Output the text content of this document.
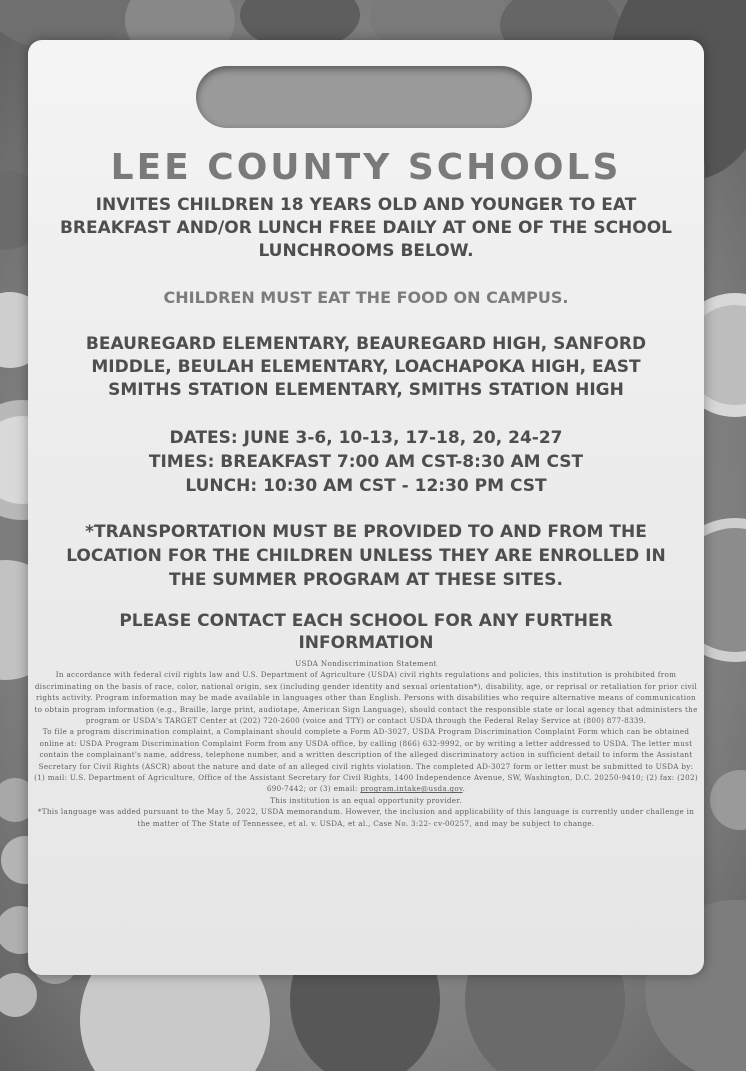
LEE COUNTY SCHOOLS
INVITES CHILDREN 18 YEARS OLD AND YOUNGER TO EAT
BREAKFAST AND/OR LUNCH FREE DAILY AT ONE OF THE SCHOOL
LUNCHROOMS BELOW.
CHILDREN MUST EAT THE FOOD ON CAMPUS.
BEAUREGARD ELEMENTARY, BEAUREGARD HIGH, SANFORD
MIDDLE, BEULAH ELEMENTARY, LOACHAPOKA HIGH, EAST
SMITHS STATION ELEMENTARY, SMITHS STATION HIGH
DATES: JUNE 3-6, 10-13, 17-18, 20, 24-27
TIMES: BREAKFAST 7:00 AM CST-8:30 AM CST
LUNCH: 10:30 AM CST - 12:30 PM CST
*TRANSPORTATION MUST BE PROVIDED TO AND FROM THE
LOCATION FOR THE CHILDREN UNLESS THEY ARE ENROLLED IN
THE SUMMER PROGRAM AT THESE SITES.
PLEASE CONTACT EACH SCHOOL FOR ANY FURTHER
INFORMATION

USDA Nondiscrimination Statement

In accordance with federal civil rights law and U.S. Department of Agriculture (USDA) civil rights regulations and policies, this institution is prohibited from discriminating on the basis of race, color, national origin, sex (including gender identity and sexual orientation*), disability, age, or reprisal or retaliation for prior civil rights activity. Program information may be made available in languages other than English. Persons with disabilities who require alternative means of communication to obtain program information (e.g., Braille, large print, audiotape, American Sign Language), should contact the responsible state or local agency that administers the program or USDA's TARGET Center at (202) 720-2600 (voice and TTY) or contact USDA through the Federal Relay Service at (800) 877-8339.

To file a program discrimination complaint, a Complainant should complete a Form AD-3027, USDA Program Discrimination Complaint Form which can be obtained online at: USDA Program Discrimination Complaint Form from any USDA office, by calling (866) 632-9992, or by writing a letter addressed to USDA. The letter must contain the complainant's name, address, telephone number, and a written description of the alleged discriminatory action in sufficient detail to inform the Assistant Secretary for Civil Rights (ASCR) about the nature and date of an alleged civil rights violation. The completed AD-3027 form or letter must be submitted to USDA by: (1) mail: U.S. Department of Agriculture, Office of the Assistant Secretary for Civil Rights, 1400 Independence Avenue, SW, Washington, D.C. 20250-9410; (2) fax: (202) 690-7442; or (3) email: program.intake@usda.gov.

This institution is an equal opportunity provider.

*This language was added pursuant to the May 5, 2022, USDA memorandum. However, the inclusion and applicability of this language is currently under challenge in the matter of The State of Tennessee, et al. v. USDA, et al., Case No. 3:22- cv-00257, and may be subject to change.
